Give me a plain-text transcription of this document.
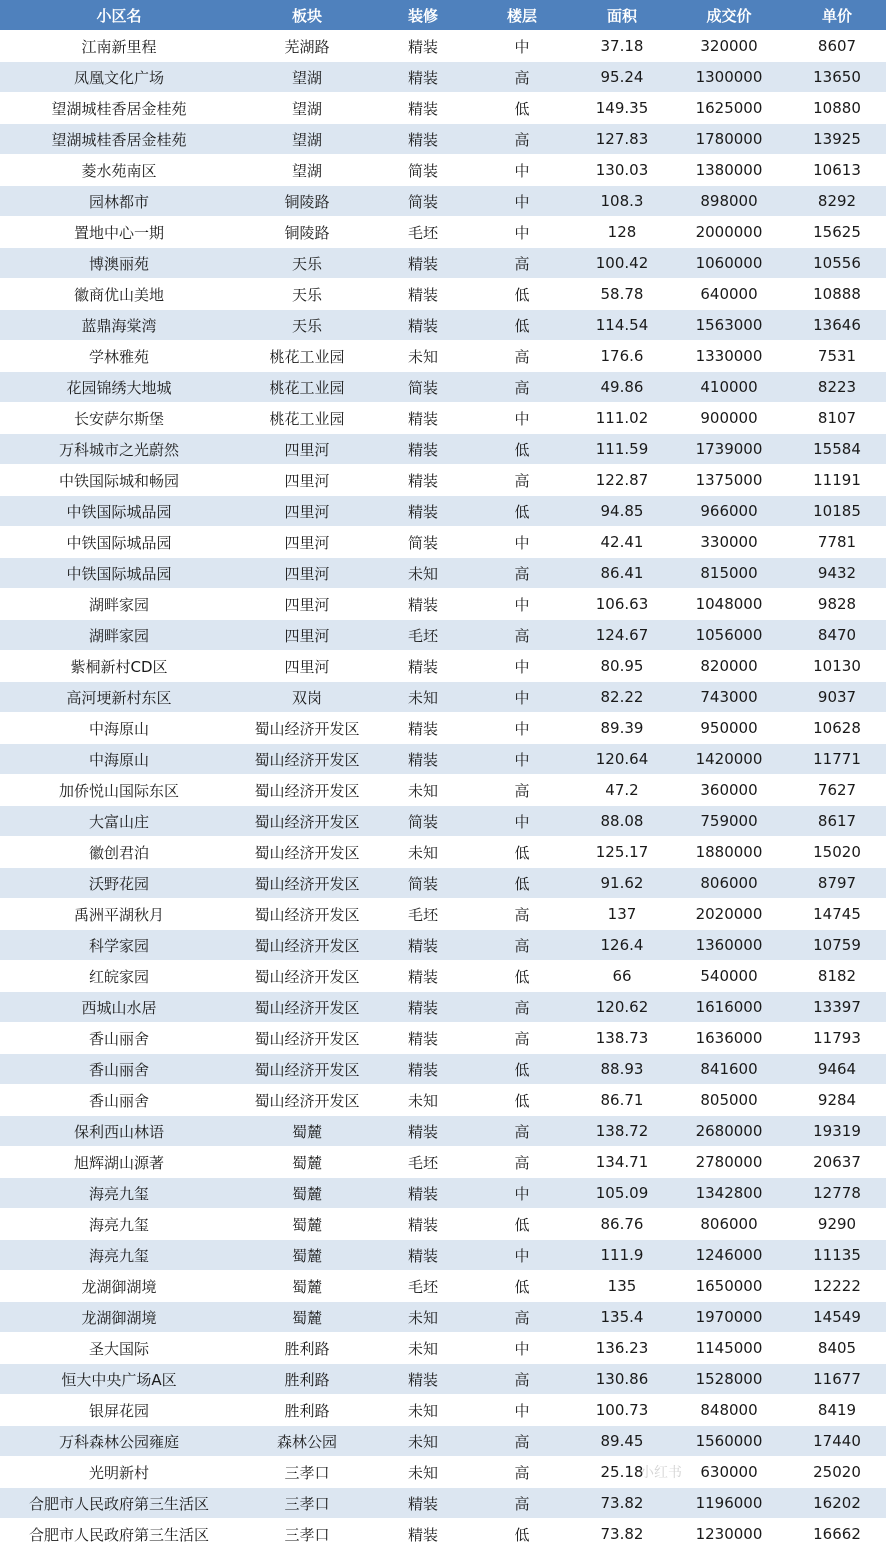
小区名	板块	装修	楼层	面积	成交价	单价
江南新里程	芜湖路	精装	中	37.18	320000	8607
凤凰文化广场	望湖	精装	高	95.24	1300000	13650
望湖城桂香居金桂苑	望湖	精装	低	149.35	1625000	10880
望湖城桂香居金桂苑	望湖	精装	高	127.83	1780000	13925
菱水苑南区	望湖	简装	中	130.03	1380000	10613
园林都市	铜陵路	简装	中	108.3	898000	8292
置地中心一期	铜陵路	毛坯	中	128	2000000	15625
博澳丽苑	天乐	精装	高	100.42	1060000	10556
徽商优山美地	天乐	精装	低	58.78	640000	10888
蓝鼎海棠湾	天乐	精装	低	114.54	1563000	13646
学林雅苑	桃花工业园	未知	高	176.6	1330000	7531
花园锦绣大地城	桃花工业园	简装	高	49.86	410000	8223
长安萨尔斯堡	桃花工业园	精装	中	111.02	900000	8107
万科城市之光蔚然	四里河	精装	低	111.59	1739000	15584
中铁国际城和畅园	四里河	精装	高	122.87	1375000	11191
中铁国际城品园	四里河	精装	低	94.85	966000	10185
中铁国际城品园	四里河	简装	中	42.41	330000	7781
中铁国际城品园	四里河	未知	高	86.41	815000	9432
湖畔家园	四里河	精装	中	106.63	1048000	9828
湖畔家园	四里河	毛坯	高	124.67	1056000	8470
紫桐新村CD区	四里河	精装	中	80.95	820000	10130
高河埂新村东区	双岗	未知	中	82.22	743000	9037
中海原山	蜀山经济开发区	精装	中	89.39	950000	10628
中海原山	蜀山经济开发区	精装	中	120.64	1420000	11771
加侨悦山国际东区	蜀山经济开发区	未知	高	47.2	360000	7627
大富山庄	蜀山经济开发区	简装	中	88.08	759000	8617
徽创君泊	蜀山经济开发区	未知	低	125.17	1880000	15020
沃野花园	蜀山经济开发区	简装	低	91.62	806000	8797
禹洲平湖秋月	蜀山经济开发区	毛坯	高	137	2020000	14745
科学家园	蜀山经济开发区	精装	高	126.4	1360000	10759
红皖家园	蜀山经济开发区	精装	低	66	540000	8182
西城山水居	蜀山经济开发区	精装	高	120.62	1616000	13397
香山丽舍	蜀山经济开发区	精装	高	138.73	1636000	11793
香山丽舍	蜀山经济开发区	精装	低	88.93	841600	9464
香山丽舍	蜀山经济开发区	未知	低	86.71	805000	9284
保利西山林语	蜀麓	精装	高	138.72	2680000	19319
旭辉湖山源著	蜀麓	毛坯	高	134.71	2780000	20637
海亮九玺	蜀麓	精装	中	105.09	1342800	12778
海亮九玺	蜀麓	精装	低	86.76	806000	9290
海亮九玺	蜀麓	精装	中	111.9	1246000	11135
龙湖御湖境	蜀麓	毛坯	低	135	1650000	12222
龙湖御湖境	蜀麓	未知	高	135.4	1970000	14549
圣大国际	胜利路	未知	中	136.23	1145000	8405
恒大中央广场A区	胜利路	精装	高	130.86	1528000	11677
银屏花园	胜利路	未知	中	100.73	848000	8419
万科森林公园雍庭	森林公园	未知	高	89.45	1560000	17440
光明新村	三孝口	未知	高	25.18	630000	25020
合肥市人民政府第三生活区	三孝口	精装	高	73.82	1196000	16202
合肥市人民政府第三生活区	三孝口	精装	低	73.82	1230000	16662
小红书
